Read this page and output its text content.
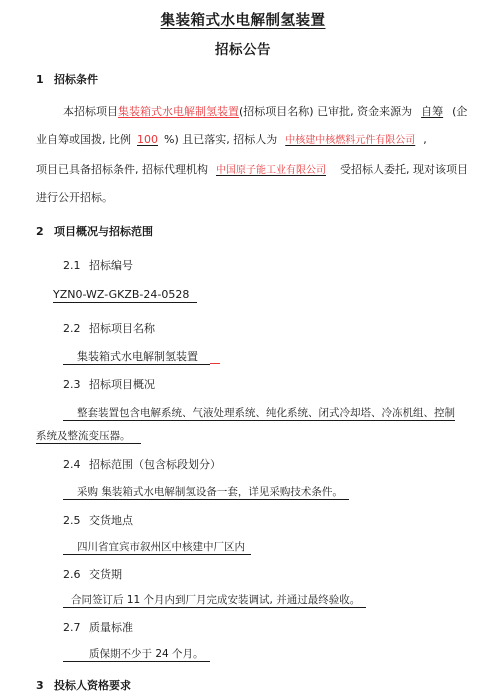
集装箱式水电解制氢装置
招标公告
1 招标条件
本招标项目集装箱式水电解制氢装置(招标项目名称) 已审批, 资金来源为 自筹 (企
业自筹或国拨, 比例 100 %) 且已落实, 招标人为 中核建中核燃料元件有限公司 ,
项目已具备招标条件, 招标代理机构 中国原子能工业有限公司 受招标人委托, 现对该项目
进行公开招标。
2 项目概况与招标范围
2.1 招标编号
YZN0-WZ-GKZB-24-0528
2.2 招标项目名称
集装箱式水电解制氢装置
2.3 招标项目概况
整套装置包含电解系统、气液处理系统、纯化系统、闭式冷却塔、冷冻机组、控制
系统及整流变压器。
2.4 招标范围（包含标段划分）
采购 集装箱式水电解制氢设备一套，详见采购技术条件。
2.5 交货地点
四川省宜宾市叙州区中核建中厂区内
2.6 交货期
合同签订后 11 个月内到厂月完成安装调试, 并通过最终验收。
2.7 质量标准
质保期不少于 24 个月。
3 投标人资格要求
